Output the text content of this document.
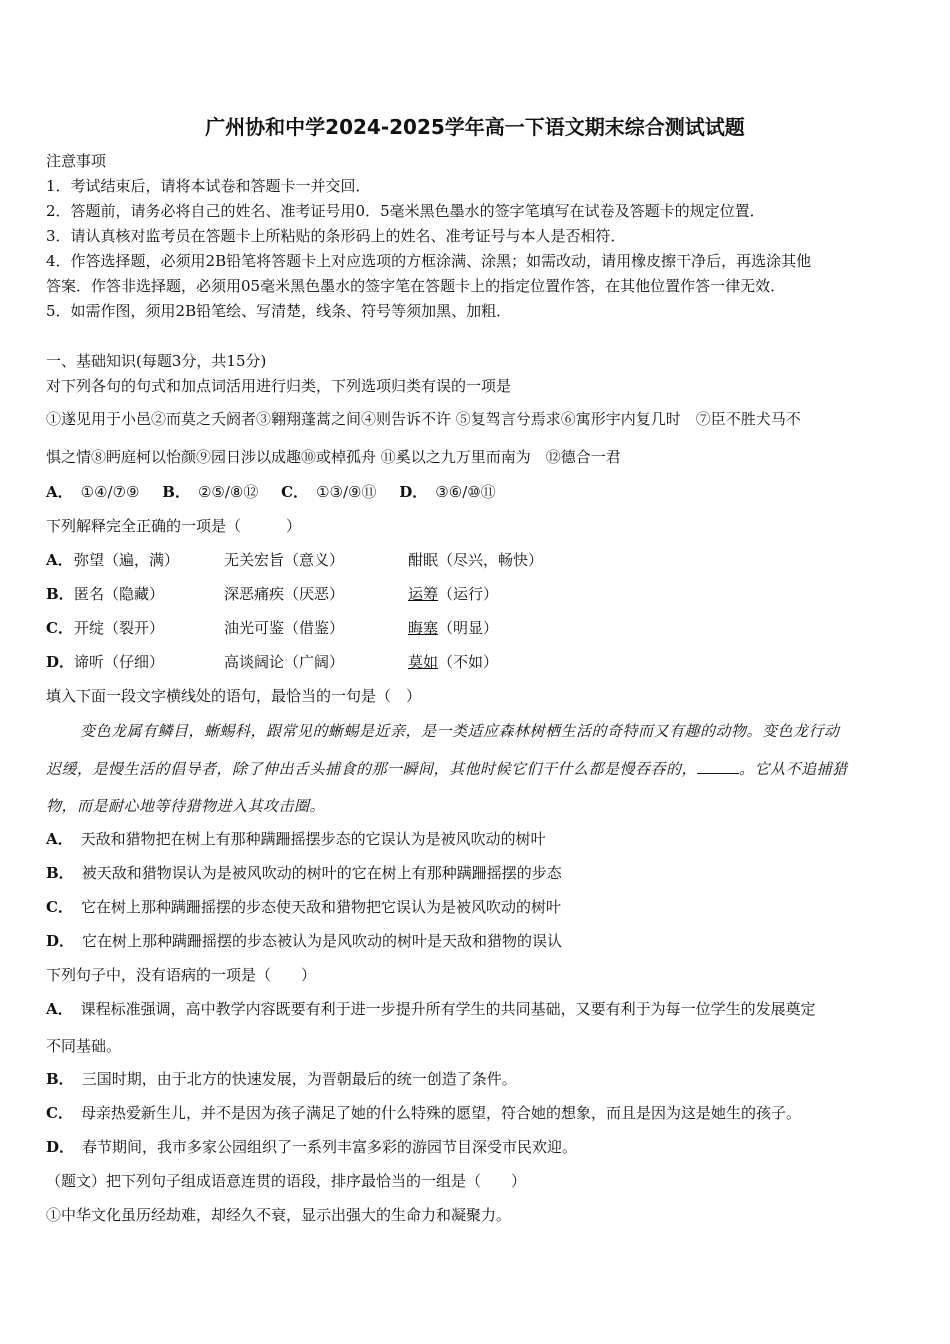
广州协和中学2024-2025学年高一下语文期末综合测试试题
注意事项
1．考试结束后，请将本试卷和答题卡一并交回．
2．答题前，请务必将自己的姓名、准考证号用0．5毫米黑色墨水的签字笔填写在试卷及答题卡的规定位置．
3．请认真核对监考员在答题卡上所粘贴的条形码上的姓名、准考证号与本人是否相符．
4．作答选择题，必须用2B铅笔将答题卡上对应选项的方框涂满、涂黑；如需改动，请用橡皮擦干净后，再选涂其他
答案．作答非选择题，必须用05毫米黑色墨水的签字笔在答题卡上的指定位置作答，在其他位置作答一律无效．
5．如需作图，须用2B铅笔绘、写清楚，线条、符号等须加黑、加粗．
一、基础知识(每题3分，共15分)
对下列各句的句式和加点词活用进行归类，下列选项归类有误的一项是
①遂见用于小邑②而莫之夭阏者③翱翔蓬蒿之间④则告诉不许 ⑤复驾言兮焉求⑥寓形宇内复几时　⑦臣不胜犬马不
惧之情⑧眄庭柯以怡颜⑨园日涉以成趣⑩或棹孤舟 ⑪奚以之九万里而南为　⑫德合一君
A． ①④/⑦⑨ B． ②⑤/⑧⑫ C． ①③/⑨⑪ D． ③⑥/⑩⑪
下列解释完全正确的一项是（　　　）
A． 弥望（遍，满）	无关宏旨（意义）	酣眠（尽兴，畅快）
B． 匿名（隐藏）	深恶痛疾（厌恶）	运筹（运行）
C． 开绽（裂开）	油光可鉴（借鉴）	晦塞（明显）
D． 谛听（仔细）	高谈阔论（广阔）	莫如（不如）
填入下面一段文字横线处的语句，最恰当的一句是（　）
变色龙属有鳞目，蜥蜴科，跟常见的蜥蜴是近亲，是一类适应森林树栖生活的奇特而又有趣的动物。变色龙行动
迟缓，是慢生活的倡导者，除了伸出舌头捕食的那一瞬间，其他时候它们干什么都是慢吞吞的，	。它从不追捕猎
物，而是耐心地等待猎物进入其攻击圈。
A． 天敌和猎物把在树上有那种蹒跚摇摆步态的它误认为是被风吹动的树叶
B． 被天敌和猎物误认为是被风吹动的树叶的它在树上有那种蹒跚摇摆的步态
C． 它在树上那种蹒跚摇摆的步态使天敌和猎物把它误认为是被风吹动的树叶
D． 它在树上那种蹒跚摇摆的步态被认为是风吹动的树叶是天敌和猎物的误认
下列句子中，没有语病的一项是（　　）
A． 课程标准强调，高中教学内容既要有利于进一步提升所有学生的共同基础，又要有利于为每一位学生的发展奠定
不同基础。
B． 三国时期，由于北方的快速发展，为晋朝最后的统一创造了条件。
C． 母亲热爱新生儿，并不是因为孩子满足了她的什么特殊的愿望，符合她的想象，而且是因为这是她生的孩子。
D． 春节期间，我市多家公园组织了一系列丰富多彩的游园节目深受市民欢迎。
（题文）把下列句子组成语意连贯的语段，排序最恰当的一组是（　　）
①中华文化虽历经劫难，却经久不衰，显示出强大的生命力和凝聚力。
